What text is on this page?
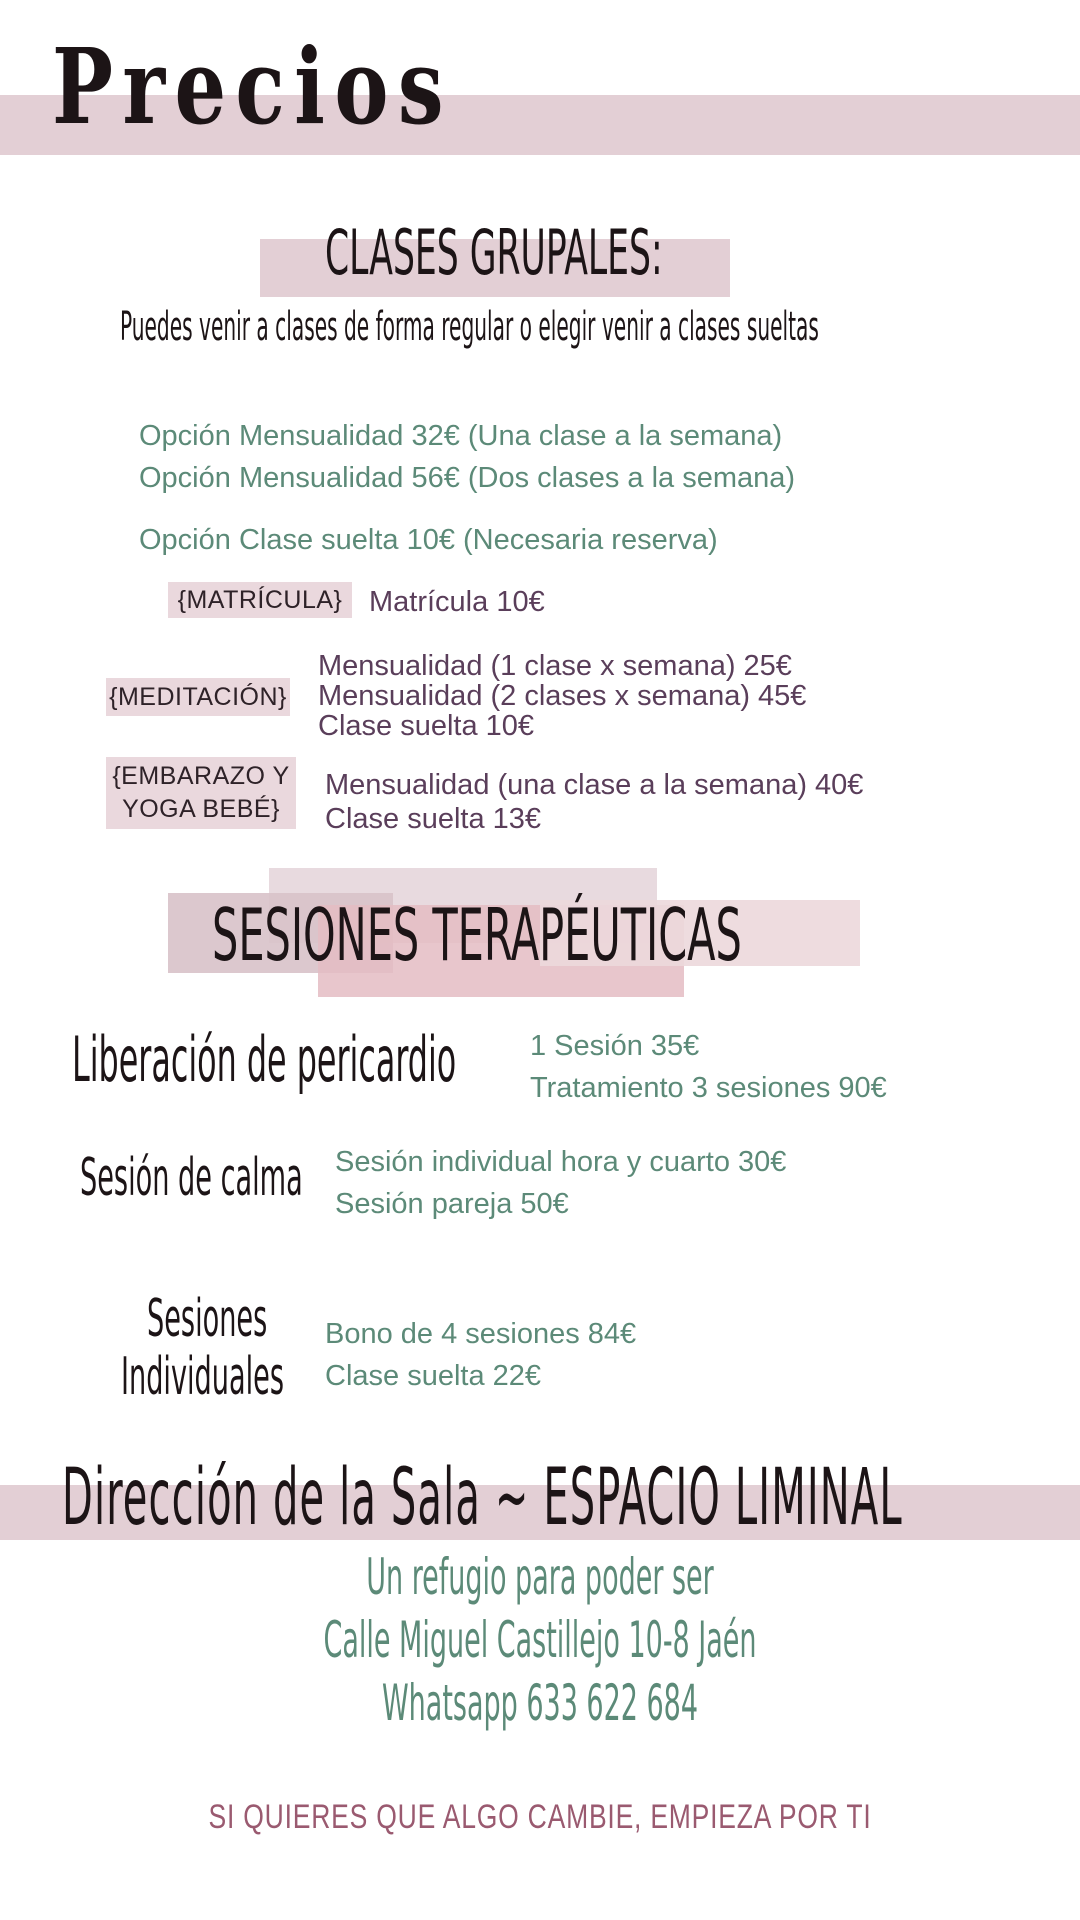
Precios
CLASES GRUPALES:
Puedes venir a clases de forma regular o elegir venir a clases sueltas
Opción Mensualidad 32€ (Una clase a la semana)
Opción Mensualidad 56€ (Dos clases a la semana)
Opción Clase suelta 10€ (Necesaria reserva)
{MATRÍCULA} Matrícula 10€
{MEDITACIÓN}
Mensualidad (1 clase x semana) 25€
Mensualidad (2 clases x semana) 45€
Clase suelta 10€
{EMBARAZO Y
YOGA BEBÉ}
Mensualidad (una clase a la semana) 40€
Clase suelta 13€
SESIONES TERAPÉUTICAS
Liberación de pericardio	1 Sesión 35€
Tratamiento 3 sesiones 90€
Sesión de calma Sesión individual hora y cuarto 30€
Sesión pareja 50€
Sesiones
Individuales
Bono de 4 sesiones 84€
Clase suelta 22€
Dirección de la Sala ~ ESPACIO LIMINAL
Un refugio para poder ser
Calle Miguel Castillejo 10-8 Jaén
Whatsapp 633 622 684
SI QUIERES QUE ALGO CAMBIE, EMPIEZA POR TI
